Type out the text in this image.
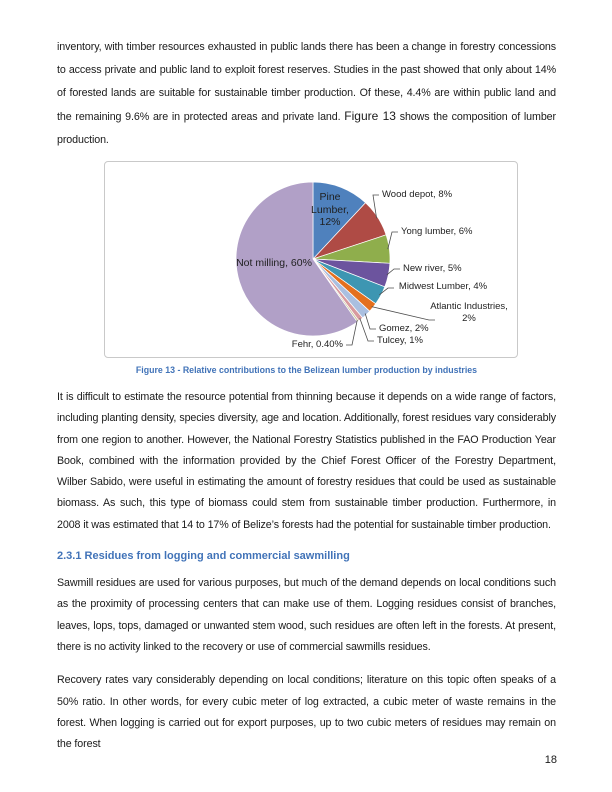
inventory, with timber resources exhausted in public lands there has been a change in forestry concessions to access private and public land to exploit forest reserves. Studies in the past showed that only about 14% of forested lands are suitable for sustainable timber production. Of these, 4.4% are within public land and the remaining 9.6% are in protected areas and private land. Figure 13 shows the composition of lumber production.

Pine Lumber, 12%
Wood depot, 8%
Yong lumber, 6%
New river, 5%
Midwest Lumber, 4%
Atlantic Industries, 2%
Gomez, 2%
Tulcey, 1%
Fehr, 0.40%
Not milling, 60%
Figure 13 - Relative contributions to the Belizean lumber production by industries

It is difficult to estimate the resource potential from thinning because it depends on a wide range of factors, including planting density, species diversity, age and location. Additionally, forest residues vary considerably from one region to another. However, the National Forestry Statistics published in the FAO Production Year Book, combined with the information provided by the Chief Forest Officer of the Forestry Department, Wilber Sabido, were useful in estimating the amount of forestry residues that could be used as sustainable biomass. As such, this type of biomass could stem from sustainable timber production. Furthermore, in 2008 it was estimated that 14 to 17% of Belize’s forests had the potential for sustainable timber production.

2.3.1 Residues from logging and commercial sawmilling

Sawmill residues are used for various purposes, but much of the demand depends on local conditions such as the proximity of processing centers that can make use of them. Logging residues consist of branches, leaves, lops, tops, damaged or unwanted stem wood, such residues are often left in the forests. At present, there is no activity linked to the recovery or use of commercial sawmills residues.

Recovery rates vary considerably depending on local conditions; literature on this topic often speaks of a 50% ratio. In other words, for every cubic meter of log extracted, a cubic meter of waste remains in the forest. When logging is carried out for export purposes, up to two cubic meters of residues may remain on the forest

18
